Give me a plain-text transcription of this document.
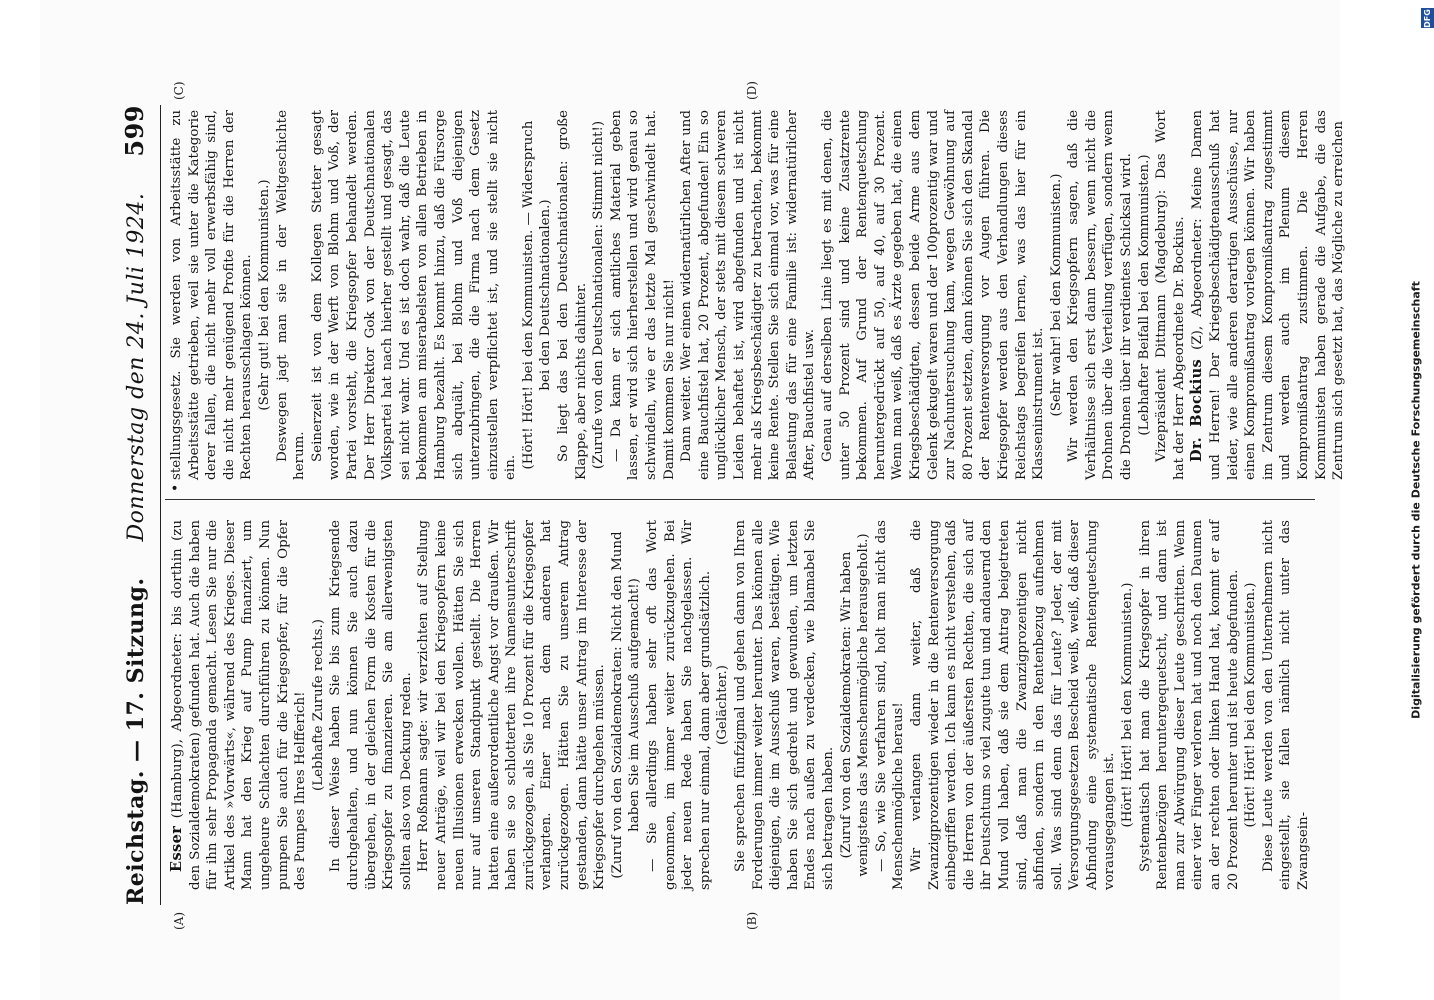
Reichstag. — 17. Sitzung.
Donnerstag den 24. Juli 1924.
599
(A)	(B)
(C)	(D)

Esser (Hamburg), Abgeordneter: bis dorthin (zu den Sozialdemokraten) gefunden hat. Auch die haben für ihn sehr Propaganda gemacht. Lesen Sie nur die Artikel des »Vorwärts«, während des Krieges. Dieser Mann hat den Krieg auf Pump finanziert, um ungeheure Schlachten durchführen zu können. Nun pumpen Sie auch für die Kriegsopfer, für die Opfer des Pumpes Ihres Helfferich! (Lebhafte Zurufe rechts.) In dieser Weise haben Sie bis zum Kriegsende durchgehalten, und nun können Sie auch dazu übergehen, in der gleichen Form die Kosten für die Kriegsopfer zu finanzieren. Sie am allerwenigsten sollten also von Deckung reden. Herr Roßmann sagte: wir verzichten auf Stellung neuer Anträge, weil wir bei den Kriegsopfern keine neuen Illusionen erwecken wollen. Hätten Sie sich nur auf unseren Standpunkt gestellt. Die Herren hatten eine außerordentliche Angst vor draußen. Wir haben sie so schlotterten ihre Namensunterschrift zurückgezogen, als Sie 10 Prozent für die Kriegsopfer verlangten. Einer nach dem anderen hat zurückgezogen. Hätten Sie zu unserem Antrag gestanden, dann hätte unser Antrag im Interesse der Kriegsopfer durchgehen müssen. (Zuruf von den Sozialdemokraten: Nicht den Mund haben Sie im Ausschuß aufgemacht!) — Sie allerdings haben sehr oft das Wort genommen, im immer weiter zurückzugehen. Bei jeder neuen Rede haben Sie nachgelassen. Wir sprechen nur einmal, dann aber grundsätzlich. (Gelächter.) Sie sprechen fünfzigmal und gehen dann von Ihren Forderungen immer weiter herunter. Das können alle diejenigen, die im Ausschuß waren, bestätigen. Wie haben Sie sich gedreht und gewunden, um letzten Endes nach außen zu verdecken, wie blamabel Sie sich betragen haben. (Zuruf von den Sozialdemokraten: Wir haben wenigstens das Menschenmögliche herausgeholt.) — So, wie Sie verfahren sind, holt man nicht das Menschenmögliche heraus! Wir verlangen dann weiter, daß die Zwanzigprozentigen wieder in die Rentenversorgung einbegriffen werden. Ich kann es nicht verstehen, daß die Herren von der äußersten Rechten, die sich auf ihr Deutschtum so viel zugute tun und andauernd den Mund voll haben, daß sie dem Antrag beigetreten sind, daß man die Zwanzigprozentigen nicht abfinden, sondern in den Rentenbezug aufnehmen soll. Was sind denn das für Leute? Jeder, der mit Versorgungsgesetzen Bescheid weiß, weiß, daß dieser Abfindung eine systematische Rentenquetschung vorausgegangen ist. (Hört! Hört! bei den Kommunisten.) Systematisch hat man die Kriegsopfer in ihren Rentenbezügen heruntergequetscht, und dann ist man zur Abwürgung dieser Leute geschritten. Wenn einer vier Finger verloren hat und noch den Daumen an der rechten oder linken Hand hat, kommt er auf 20 Prozent herunter und ist heute abgefunden. (Hört! Hört! bei den Kommunisten.) Diese Leute werden von den Unternehmern nicht eingestellt, sie fallen nämlich nicht unter das Zwangsein-

•

stellungsgesetz. Sie werden von Arbeitsstätte zu Arbeitsstätte getrieben, weil sie unter die Kategorie derer fallen, die nicht mehr voll erwerbsfähig sind, die nicht mehr genügend Profite für die Herren der Rechten herausschlagen können. (Sehr gut! bei den Kommunisten.) Deswegen jagt man sie in der Weltgeschichte herum. Seinerzeit ist von dem Kollegen Stetter gesagt worden, wie in der Werft von Blohm und Voß, der Partei vorsteht, die Kriegsopfer behandelt werden. Der Herr Direktor Gok von der Deutschnationalen Volkspartei hat nach hierher gestellt und gesagt, das sei nicht wahr. Und es ist doch wahr, daß die Leute bekommen am miserabelsten von allen Betrieben in Hamburg bezahlt. Es kommt hinzu, daß die Fürsorge sich abquält, bei Blohm und Voß diejenigen unterzubringen, die die Firma nach dem Gesetz einzustellen verpflichtet ist, und sie stellt sie nicht ein. (Hört! Hört! bei den Kommunisten. — Widerspruch bei den Deutschnationalen.) So liegt das bei den Deutschnationalen: große Klappe, aber nichts dahinter. (Zurufe von den Deutschnationalen: Stimmt nicht!) — Da kann er sich amtliches Material geben lassen, er wird sich hierherstellen und wird genau so schwindeln, wie er das letzte Mal geschwindelt hat. Damit kommen Sie nur nicht! Dann weiter. Wer einen widernatürlichen After und eine Bauchfistel hat, 20 Prozent, abgefunden! Ein so unglücklicher Mensch, der stets mit diesem schweren Leiden behaftet ist, wird abgefunden und ist nicht mehr als Kriegsbeschädigter zu betrachten, bekommt keine Rente. Stellen Sie sich einmal vor, was für eine Belastung das für eine Familie ist: widernatürlicher After, Bauchfistel usw. Genau auf derselben Linie liegt es mit denen, die unter 50 Prozent sind und keine Zusatzrente bekommen. Auf Grund der Rentenquetschung heruntergedrückt auf 50, auf 40, auf 30 Prozent. Wenn man weiß, daß es Ärzte gegeben hat, die einen Kriegsbeschädigten, dessen beide Arme aus dem Gelenk gekugelt waren und der 100prozentig war und zur Nachuntersuchung kam, wegen Gewöhnung auf 80 Prozent setzten, dann können Sie sich den Skandal der Rentenversorgung vor Augen führen. Die Kriegsopfer werden aus den Verhandlungen dieses Reichstags begreifen lernen, was das hier für ein Klasseninstrument ist. (Sehr wahr! bei den Kommunisten.) Wir werden den Kriegsopfern sagen, daß die Verhältnisse sich erst dann bessern, wenn nicht die Drohnen über die Verteilung verfügen, sondern wenn die Drohnen über ihr verdientes Schicksal wird. (Lebhafter Beifall bei den Kommunisten.) Vizepräsident Dittmann (Magdeburg): Das Wort hat der Herr Abgeordnete Dr. Bockius. Dr. Bockius (Z), Abgeordneter: Meine Damen und Herren! Der Kriegsbeschädigtenausschuß hat leider, wie alle anderen derartigen Ausschüsse, nur einen Kompromißantrag vorlegen können. Wir haben im Zentrum diesem Kompromißantrag zugestimmt und werden auch im Plenum diesem Kompromißantrag zustimmen. Die Herren Kommunisten haben gerade die Aufgabe, die das Zentrum sich gesetzt hat, das Mögliche zu erreichen	Digitalisierung gefördert durch die Deutsche Forschungsgemeinschaft
DFG
